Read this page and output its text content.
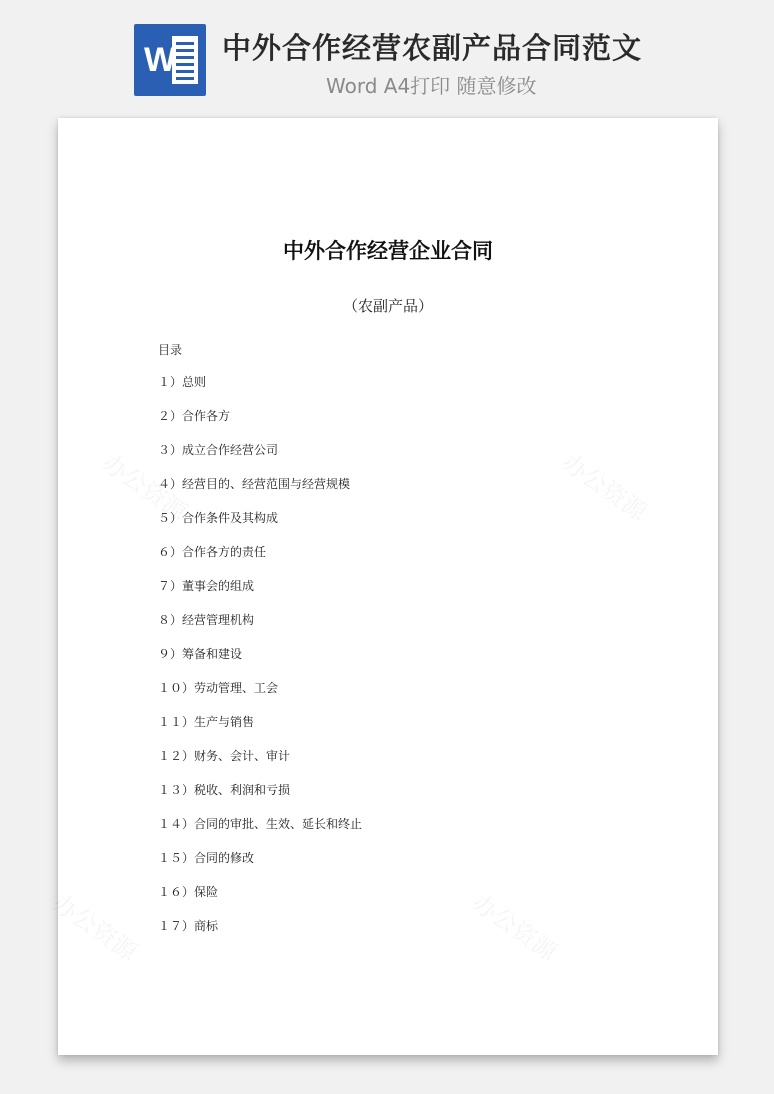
W 中外合作经营农副产品合同范文
Word A4打印 随意修改
中外合作经营企业合同
（农副产品）
目录
１）总则
２）合作各方
３）成立合作经营公司
４）经营目的、经营范围与经营规模
５）合作条件及其构成
６）合作各方的责任
７）董事会的组成
８）经营管理机构
９）筹备和建设
１０）劳动管理、工会
１１）生产与销售
１２）财务、会计、审计
１３）税收、利润和亏损
１４）合同的审批、生效、延长和终止
１５）合同的修改
１６）保险
１７）商标
